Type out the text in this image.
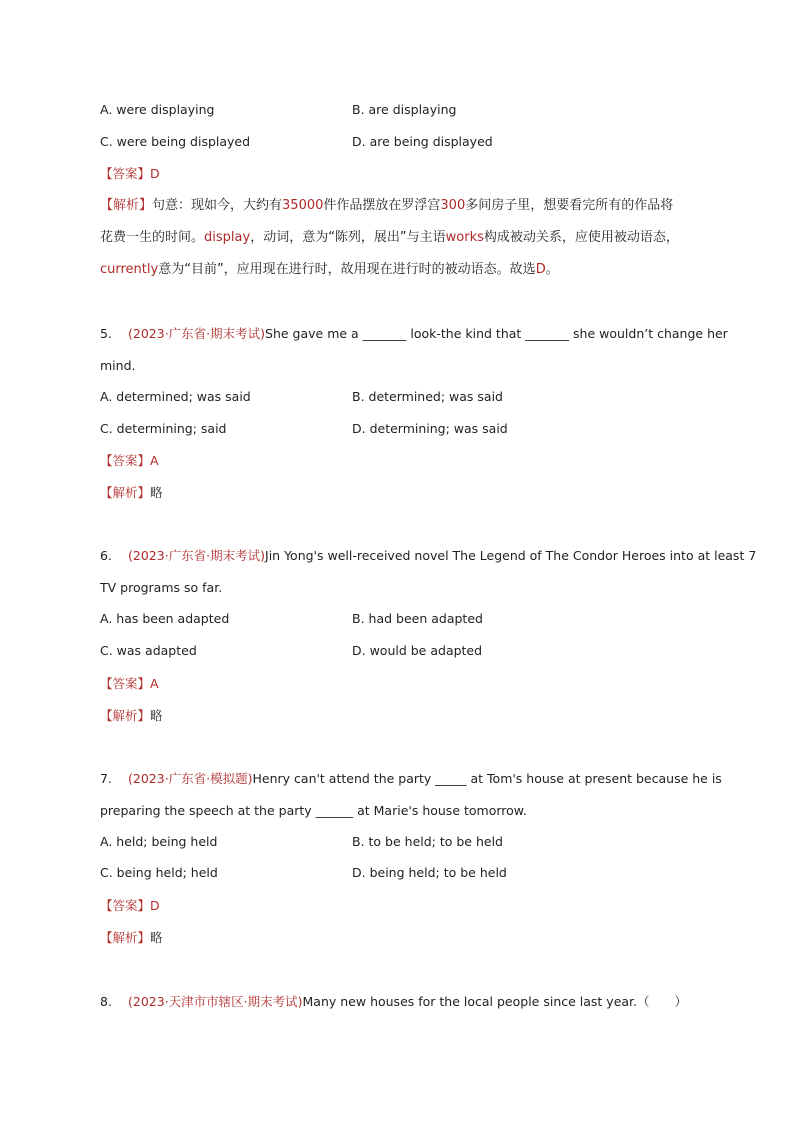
A. were displaying	B. are displaying
C. were being displayed	D. are being displayed
【答案】D
【解析】句意：现如今，大约有35000件作品摆放在罗浮宫300多间房子里，想要看完所有的作品将
花费一生的时间。display，动词，意为“陈列，展出”与主语works构成被动关系，应使用被动语态，
currently意为“目前”，应用现在进行时，故用现在进行时的被动语态。故选D。
5. (2023·广东省·期末考试)She gave me a _______ look-the kind that _______ she wouldn’t change her
mind.
A. determined; was said	B. determined; was said
C. determining; said	D. determining; was said
【答案】A
【解析】略
6. (2023·广东省·期末考试)Jin Yong's well-received novel The Legend of The Condor Heroes into at least 7
TV programs so far.
A. has been adapted	B. had been adapted
C. was adapted	D. would be adapted
【答案】A
【解析】略
7. (2023·广东省·模拟题)Henry can't attend the party _____ at Tom's house at present because he is
preparing the speech at the party ______ at Marie's house tomorrow.
A. held; being held	B. to be held; to be held
C. being held; held	D. being held; to be held
【答案】D
【解析】略
8. (2023·天津市市辖区·期末考试)Many new houses for the local people since last year.（　　）
